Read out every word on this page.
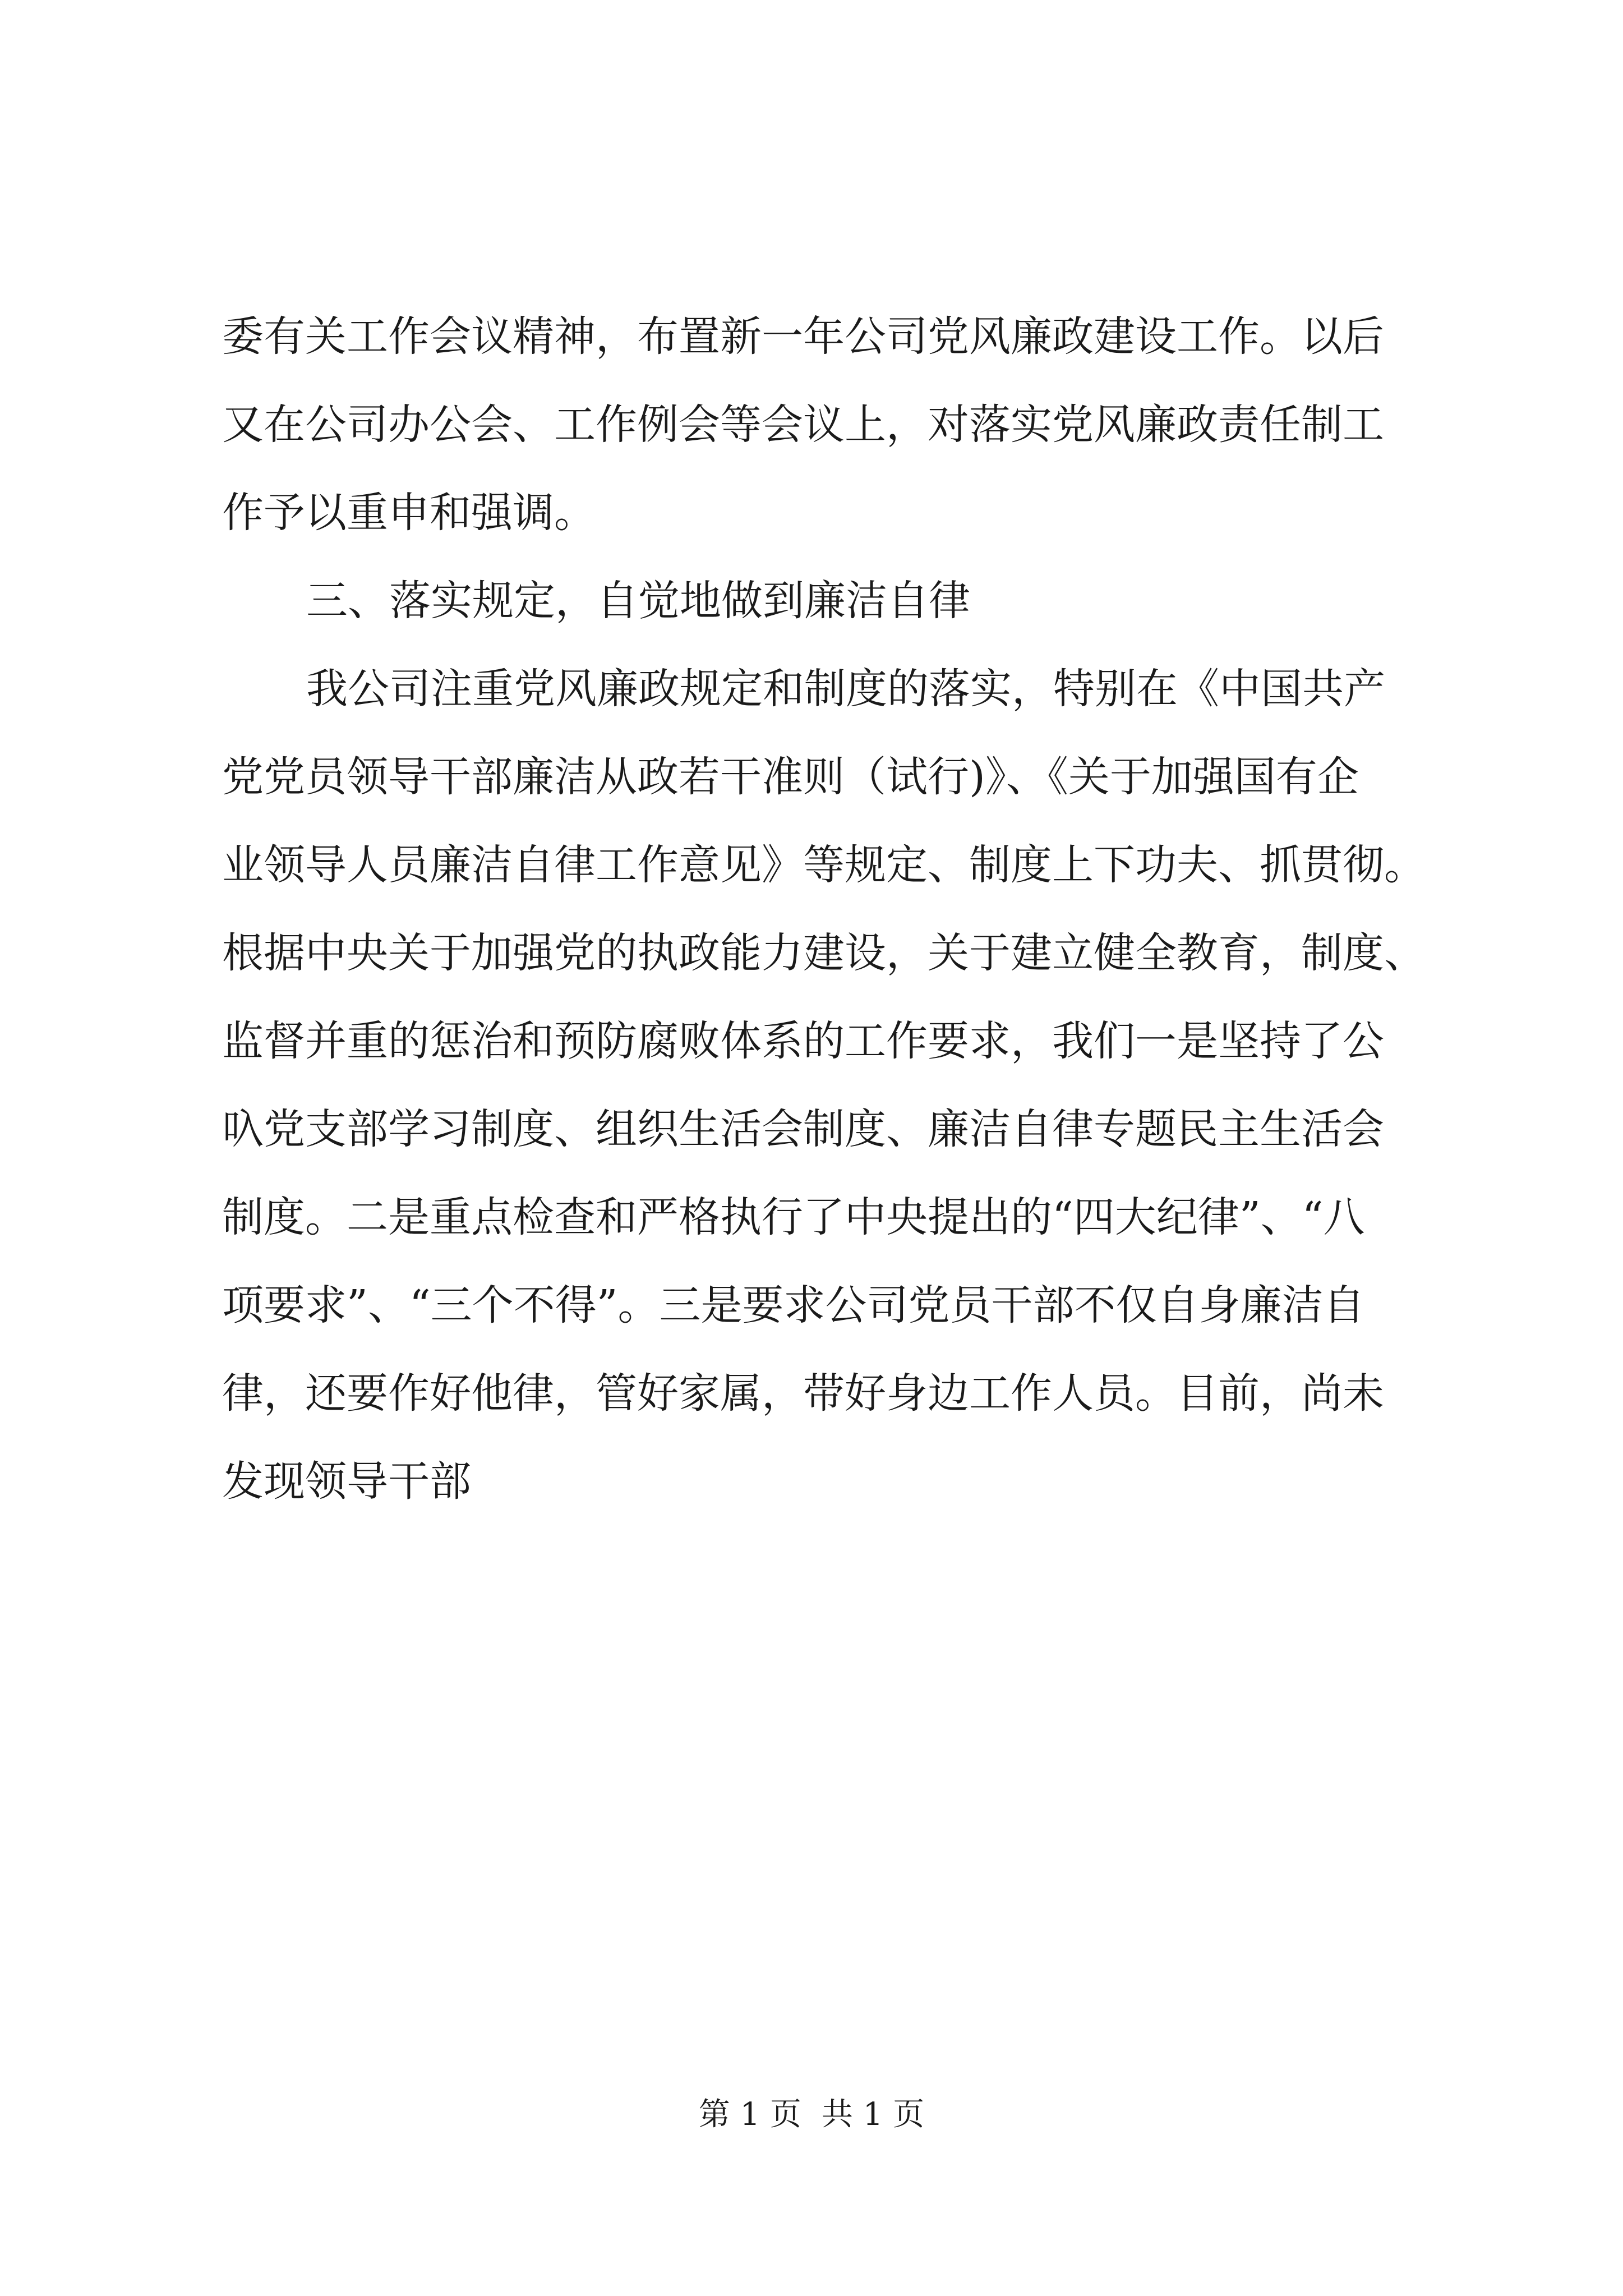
委有关工作会议精神，布置新一年公司党风廉政建设工作。以后
又在公司办公会、工作例会等会议上，对落实党风廉政责任制工
作予以重申和强调。
三、落实规定，自觉地做到廉洁自律
我公司注重党风廉政规定和制度的落实，特别在《中国共产
党党员领导干部廉洁从政若干准则（试行)》、《关于加强国有企
业领导人员廉洁自律工作意见》等规定、制度上下功夫、抓贯彻。
根据中央关于加强党的执政能力建设，关于建立健全教育，制度、
监督并重的惩治和预防腐败体系的工作要求，我们一是坚持了公
叺党支部学习制度、组织生活会制度、廉洁自律专题民主生活会
制度。二是重点检查和严格执行了中央提出的“四大纪律”、“八
项要求”、“三个不得”。三是要求公司党员干部不仅自身廉洁自
律，还要作好他律，管好家属，带好身边工作人员。目前，尚未
发现领导干部
第 1 页 共 1 页
